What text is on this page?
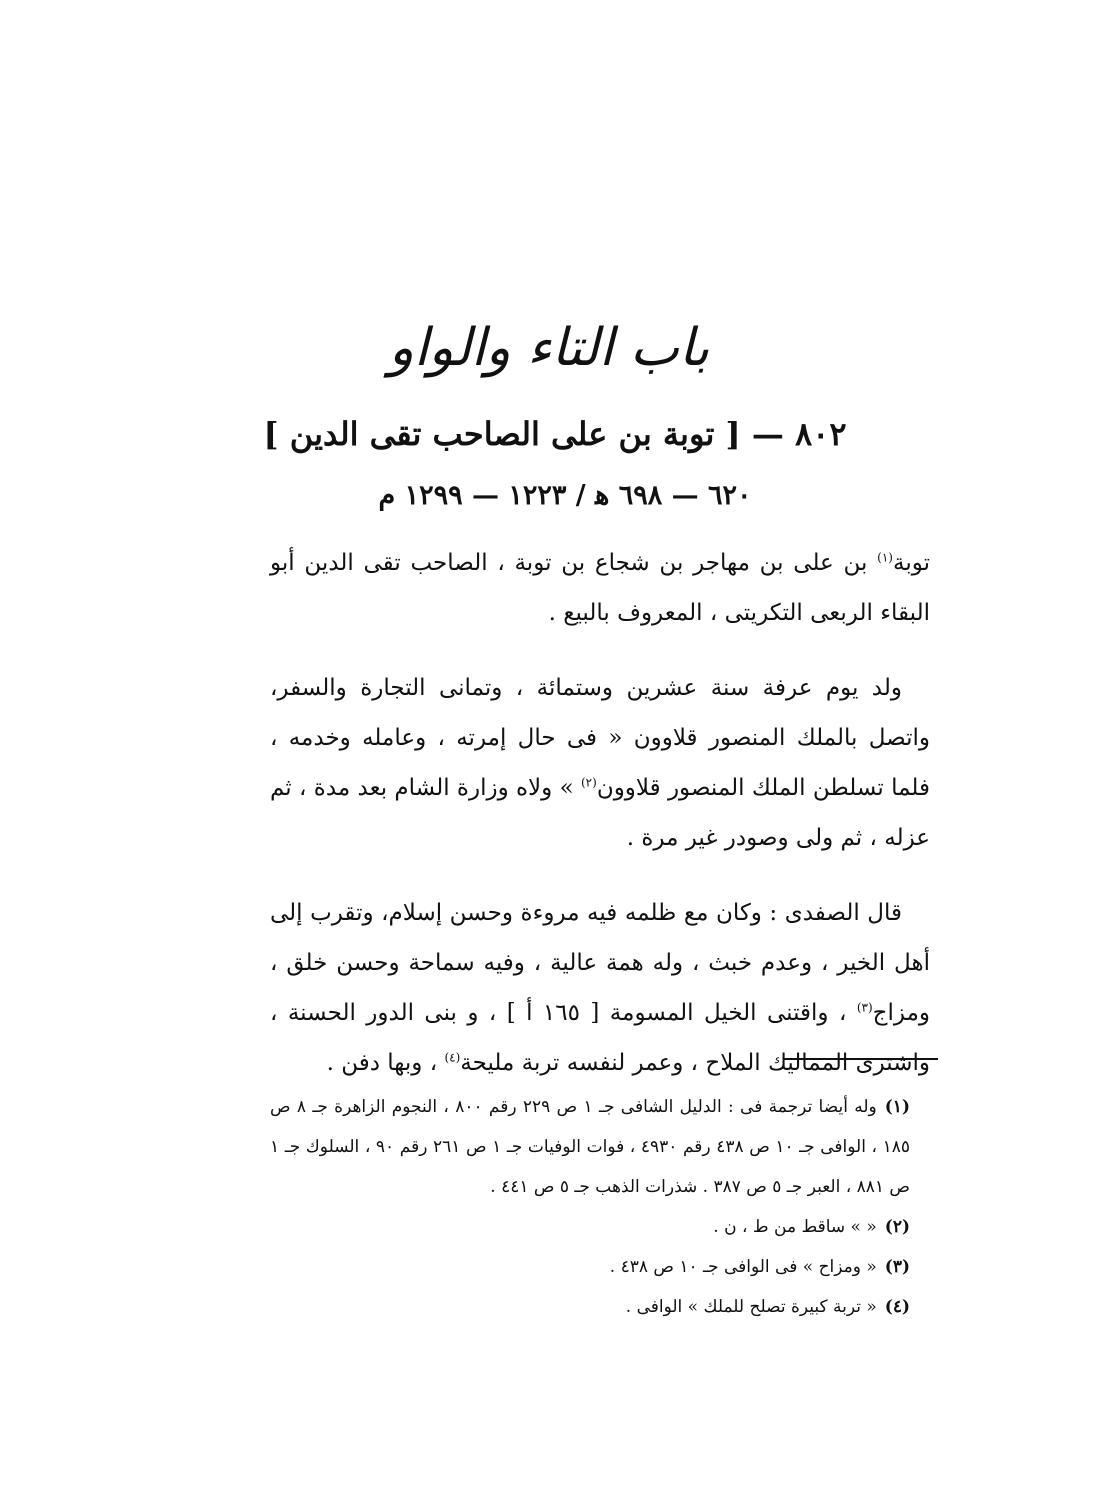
باب التاء والواو
٨٠٢ — [ توبة بن على الصاحب تقى الدين ]
٦٢٠ — ٦٩٨ ﻫ / ١٢٢٣ — ١٢٩٩ م

توبة$^{(١)}$ بن على بن مهاجر بن شجاع بن توبة ، الصاحب تقى الدين أبو البقاء الربعى التكريتى ، المعروف بالبيع .

ولد يوم عرفة سنة عشرين وستمائة ، وتمانى التجارة والسفر، واتصل بالملك المنصور قلاوون « فى حال إمرته ، وعامله وخدمه ، فلما تسلطن الملك المنصور قلاوون$^{(٢)}$ » ولاه وزارة الشام بعد مدة ، ثم عزله ، ثم ولى وصودر غير مرة .

قال الصفدى : وكان مع ظلمه فيه مروءة وحسن إسلام، وتقرب إلى أهل الخير ، وعدم خبث ، وله همة عالية ، وفيه سماحة وحسن خلق ، ومزاج$^{(٣)}$ ، واقتنى الخيل المسومة [ ١٦٥ أ ] ، و بنى الدور الحسنة ، واشترى المماليك الملاح ، وعمر لنفسه تربة مليحة$^{(٤)}$ ، وبها دفن .

(١)وله أيضا ترجمة فى : الدليل الشافى جـ ١ ص ٢٢٩ رقم ٨٠٠ ، النجوم الزاهرة جـ ٨ ص ١٨٥ ، الوافى جـ ١٠ ص ٤٣٨ رقم ٤٩٣٠ ، فوات الوفيات جـ ١ ص ٢٦١ رقم ٩٠ ، السلوك جـ ١ ص ٨٨١ ، العبر جـ ٥ ص ٣٨٧ . شذرات الذهب جـ ٥ ص ٤٤١ .

(٢)« » ساقط من ط ، ن .

(٣)« ومزاح » فى الوافى جـ ١٠ ص ٤٣٨ .

(٤)« تربة كبيرة تصلح للملك » الوافى .
